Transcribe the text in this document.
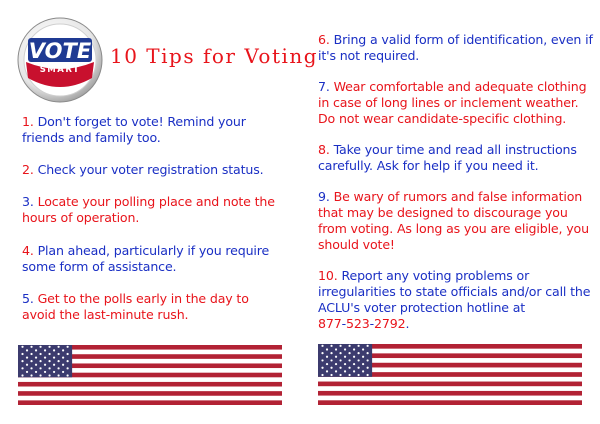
VOTE
SMART
10 Tips for Voting
1. Don't forget to vote! Remind your
friends and family too.
2. Check your voter registration status.
3. Locate your polling place and note the
hours of operation.
4. Plan ahead, particularly if you require
some form of assistance.
5. Get to the polls early in the day to
avoid the last-minute rush.
6. Bring a valid form of identification, even if
it's not required.
7. Wear comfortable and adequate clothing
in case of long lines or inclement weather.
Do not wear candidate-specific clothing.
8. Take your time and read all instructions
carefully. Ask for help if you need it.
9. Be wary of rumors and false information
that may be designed to discourage you
from voting. As long as you are eligible, you
should vote!
10. Report any voting problems or
irregularities to state officials and/or call the
ACLU's voter protection hotline at
877-523-2792.
